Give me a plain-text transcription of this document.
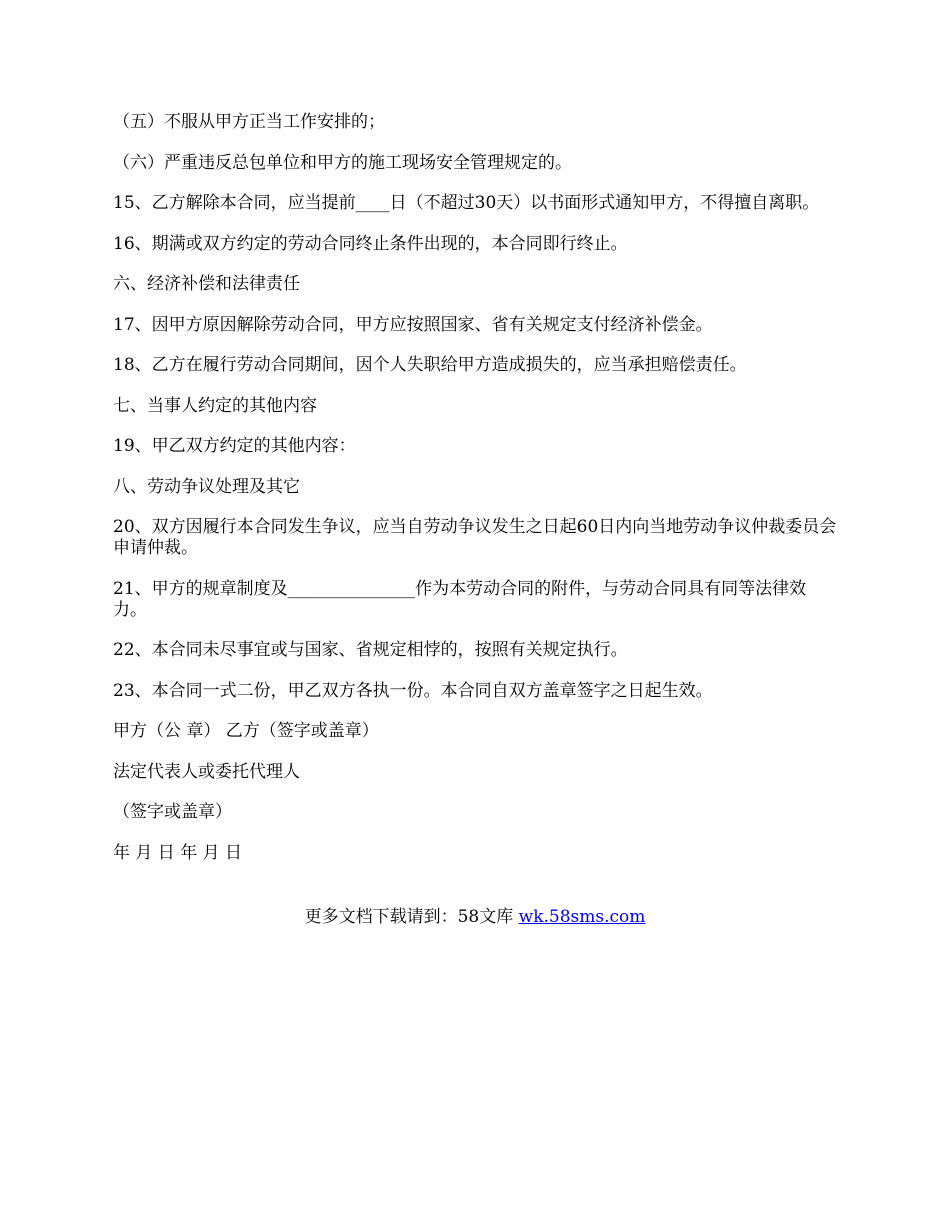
（五）不服从甲方正当工作安排的；

（六）严重违反总包单位和甲方的施工现场安全管理规定的。

15、乙方解除本合同，应当提前____日（不超过30天）以书面形式通知甲方，不得擅自离职。

16、期满或双方约定的劳动合同终止条件出现的，本合同即行终止。

六、经济补偿和法律责任

17、因甲方原因解除劳动合同，甲方应按照国家、省有关规定支付经济补偿金。

18、乙方在履行劳动合同期间，因个人失职给甲方造成损失的，应当承担赔偿责任。

七、当事人约定的其他内容

19、甲乙双方约定的其他内容：

八、劳动争议处理及其它

20、双方因履行本合同发生争议，应当自劳动争议发生之日起60日内向当地劳动争议仲裁委员会申请仲裁。

21、甲方的规章制度及_______________作为本劳动合同的附件，与劳动合同具有同等法律效力。

22、本合同未尽事宜或与国家、省规定相悖的，按照有关规定执行。

23、本合同一式二份，甲乙双方各执一份。本合同自双方盖章签字之日起生效。

甲方（公 章） 乙方（签字或盖章）

法定代表人或委托代理人

（签字或盖章）

年 月 日 年 月 日

更多文档下载请到：58文库 wk.58sms.com
